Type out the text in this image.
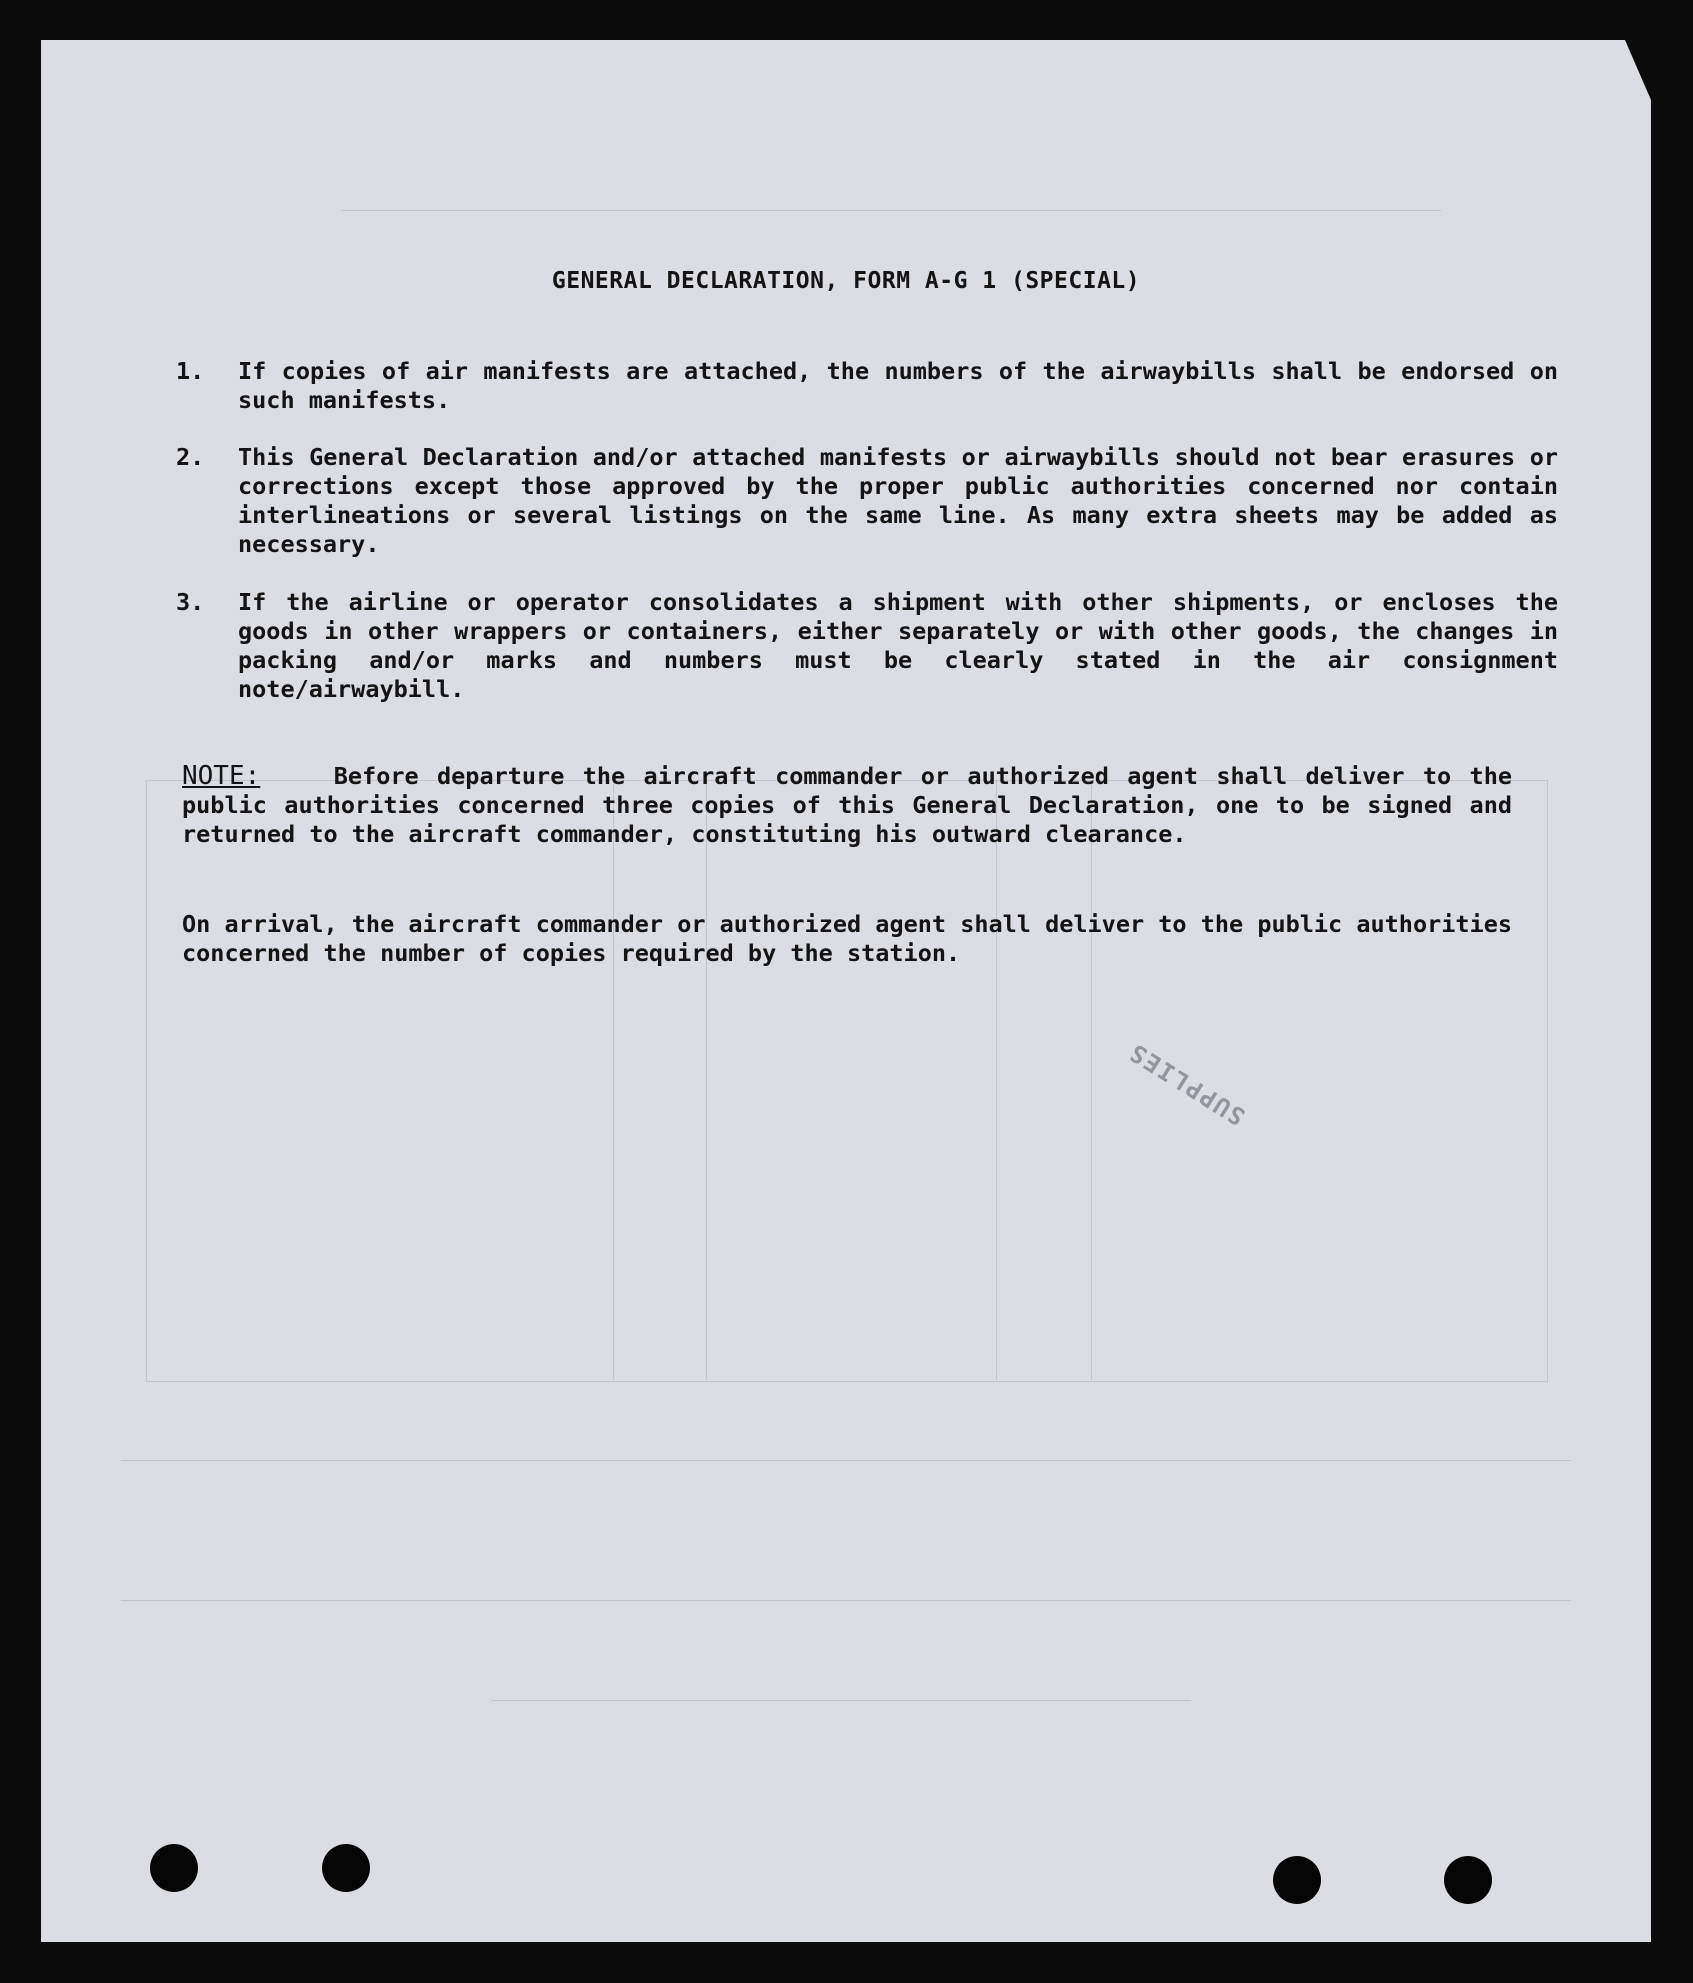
GENERAL DECLARATION, FORM A-G 1 (SPECIAL)
1. If copies of air manifests are attached, the numbers of the airwaybills shall be endorsed on such manifests.
2. This General Declaration and/or attached manifests or airwaybills should not bear erasures or corrections except those approved by the proper public authorities concerned nor contain interlineations or several listings on the same line. As many extra sheets may be added as necessary.
3. If the airline or operator consolidates a shipment with other shipments, or encloses the goods in other wrappers or containers, either separately or with other goods, the changes in packing and/or marks and numbers must be clearly stated in the air consignment note/airwaybill.
NOTE:	Before departure the aircraft commander or authorized agent shall deliver to the public authorities concerned three copies of this General Declaration, one to be signed and returned to the aircraft commander, constituting his outward clearance.
On arrival, the aircraft commander or authorized agent shall deliver to the public authorities concerned the number of copies required by the station.
SUPPLIES
